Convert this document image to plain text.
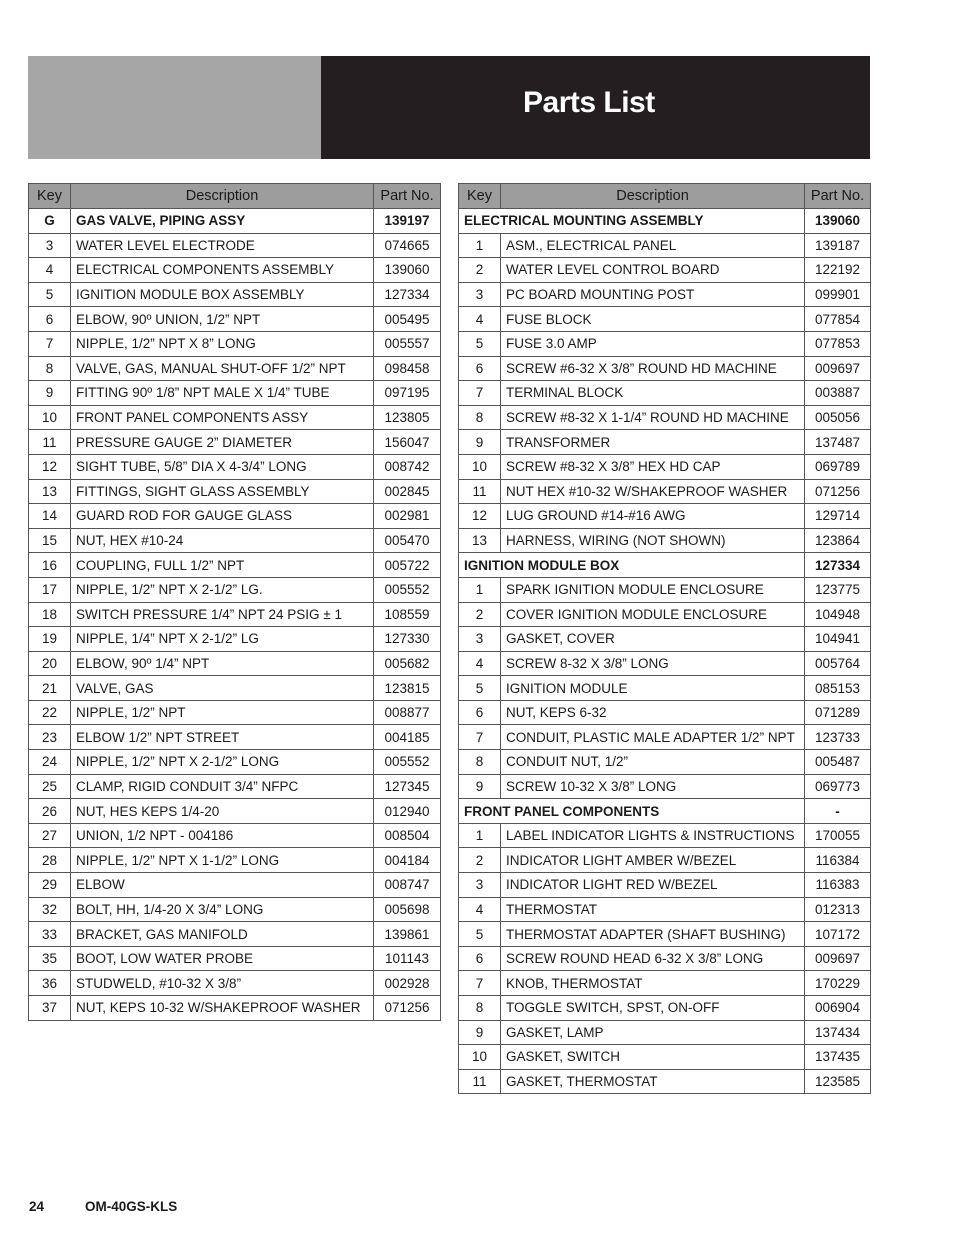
Parts List
Key	Description	Part No.
G	GAS VALVE, PIPING ASSY	139197
3	WATER LEVEL ELECTRODE	074665
4	ELECTRICAL COMPONENTS ASSEMBLY	139060
5	IGNITION MODULE BOX ASSEMBLY	127334
6	ELBOW, 90º UNION, 1/2” NPT	005495
7	NIPPLE, 1/2” NPT X 8” LONG	005557
8	VALVE, GAS, MANUAL SHUT-OFF 1/2” NPT	098458
9	FITTING 90º 1/8” NPT MALE X 1/4” TUBE	097195
10	FRONT PANEL COMPONENTS ASSY	123805
11	PRESSURE GAUGE 2” DIAMETER	156047
12	SIGHT TUBE, 5/8” DIA X 4-3/4” LONG	008742
13	FITTINGS, SIGHT GLASS ASSEMBLY	002845
14	GUARD ROD FOR GAUGE GLASS	002981
15	NUT, HEX #10-24	005470
16	COUPLING, FULL 1/2” NPT	005722
17	NIPPLE, 1/2” NPT X 2-1/2” LG.	005552
18	SWITCH PRESSURE 1/4” NPT 24 PSIG ± 1	108559
19	NIPPLE, 1/4” NPT X 2-1/2” LG	127330
20	ELBOW, 90º 1/4” NPT	005682
21	VALVE, GAS	123815
22	NIPPLE, 1/2” NPT	008877
23	ELBOW 1/2” NPT STREET	004185
24	NIPPLE, 1/2” NPT X 2-1/2” LONG	005552
25	CLAMP, RIGID CONDUIT 3/4” NFPC	127345
26	NUT, HES KEPS 1/4-20	012940
27	UNION, 1/2 NPT - 004186	008504
28	NIPPLE, 1/2” NPT X 1-1/2” LONG	004184
29	ELBOW	008747
32	BOLT, HH, 1/4-20 X 3/4” LONG	005698
33	BRACKET, GAS MANIFOLD	139861
35	BOOT, LOW WATER PROBE	101143
36	STUDWELD, #10-32 X 3/8”	002928
37	NUT, KEPS 10-32 W/SHAKEPROOF WASHER	071256
Key	Description	Part No.
ELECTRICAL MOUNTING ASSEMBLY		139060
1	ASM., ELECTRICAL PANEL	139187
2	WATER LEVEL CONTROL BOARD	122192
3	PC BOARD MOUNTING POST	099901
4	FUSE BLOCK	077854
5	FUSE 3.0 AMP	077853
6	SCREW #6-32 X 3/8” ROUND HD MACHINE	009697
7	TERMINAL BLOCK	003887
8	SCREW #8-32 X 1-1/4” ROUND HD MACHINE	005056
9	TRANSFORMER	137487
10	SCREW #8-32 X 3/8” HEX HD CAP	069789
11	NUT HEX #10-32 W/SHAKEPROOF WASHER	071256
12	LUG GROUND #14-#16 AWG	129714
13	HARNESS, WIRING (NOT SHOWN)	123864
IGNITION MODULE BOX		127334
1	SPARK IGNITION MODULE ENCLOSURE	123775
2	COVER IGNITION MODULE ENCLOSURE	104948
3	GASKET, COVER	104941
4	SCREW 8-32 X 3/8” LONG	005764
5	IGNITION MODULE	085153
6	NUT, KEPS 6-32	071289
7	CONDUIT, PLASTIC MALE ADAPTER 1/2” NPT	123733
8	CONDUIT NUT, 1/2”	005487
9	SCREW 10-32 X 3/8” LONG	069773
FRONT PANEL COMPONENTS		-
1	LABEL INDICATOR LIGHTS & INSTRUCTIONS	170055
2	INDICATOR LIGHT AMBER W/BEZEL	116384
3	INDICATOR LIGHT RED W/BEZEL	116383
4	THERMOSTAT	012313
5	THERMOSTAT ADAPTER (SHAFT BUSHING)	107172
6	SCREW ROUND HEAD 6-32 X 3/8” LONG	009697
7	KNOB, THERMOSTAT	170229
8	TOGGLE SWITCH, SPST, ON-OFF	006904
9	GASKET, LAMP	137434
10	GASKET, SWITCH	137435
11	GASKET, THERMOSTAT	123585
24	OM-40GS-KLS
